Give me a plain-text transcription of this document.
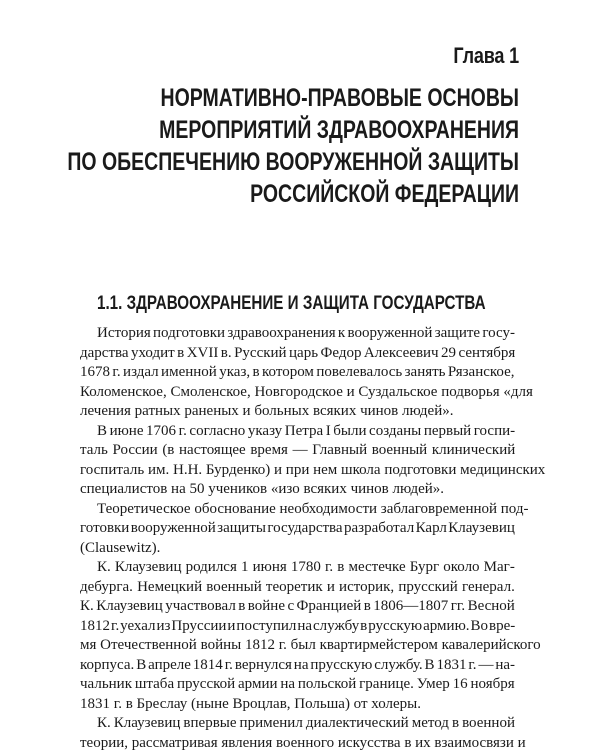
Глава 1
НОРМАТИВНО-ПРАВОВЫЕ ОСНОВЫ
МЕРОПРИЯТИЙ ЗДРАВООХРАНЕНИЯ
ПО ОБЕСПЕЧЕНИЮ ВООРУЖЕННОЙ ЗАЩИТЫ
РОССИЙСКОЙ ФЕДЕРАЦИИ
1.1. ЗДРАВООХРАНЕНИЕ И ЗАЩИТА ГОСУДАРСТВА
История подготовки здравоохранения к вооруженной защите госу-
дарства уходит в XVII в. Русский царь Федор Алексеевич 29 сентября
1678 г. издал именной указ, в котором повелевалось занять Рязанское,
Коломенское, Смоленское, Новгородское и Суздальское подворья «для
лечения ратных раненых и больных всяких чинов людей».
В июне 1706 г. согласно указу Петра I были созданы первый госпи-
таль России (в настоящее время — Главный военный клинический
госпиталь им. Н.Н. Бурденко) и при нем школа подготовки медицинских
специалистов на 50 учеников «изо всяких чинов людей».
Теоретическое обоснование необходимости заблаговременной под-
готовки вооруженной защиты государства разработал Карл Клаузевиц
(Clausewitz).
К. Клаузевиц родился 1 июня 1780 г. в местечке Бург около Маг-
дебурга. Немецкий военный теоретик и историк, прусский генерал.
К. Клаузевиц участвовал в войне с Францией в 1806—1807 гг. Весной
1812 г. уехал из Пруссии и поступил на службу в русскую армию. Во вре-
мя Отечественной войны 1812 г. был квартирмейстером кавалерийского
корпуса. В апреле 1814 г. вернулся на прусскую службу. В 1831 г. — на-
чальник штаба прусской армии на польской границе. Умер 16 ноября
1831 г. в Бреслау (ныне Вроцлав, Польша) от холеры.
К. Клаузевиц впервые применил диалектический метод в военной
теории, рассматривая явления военного искусства в их взаимосвязи и
